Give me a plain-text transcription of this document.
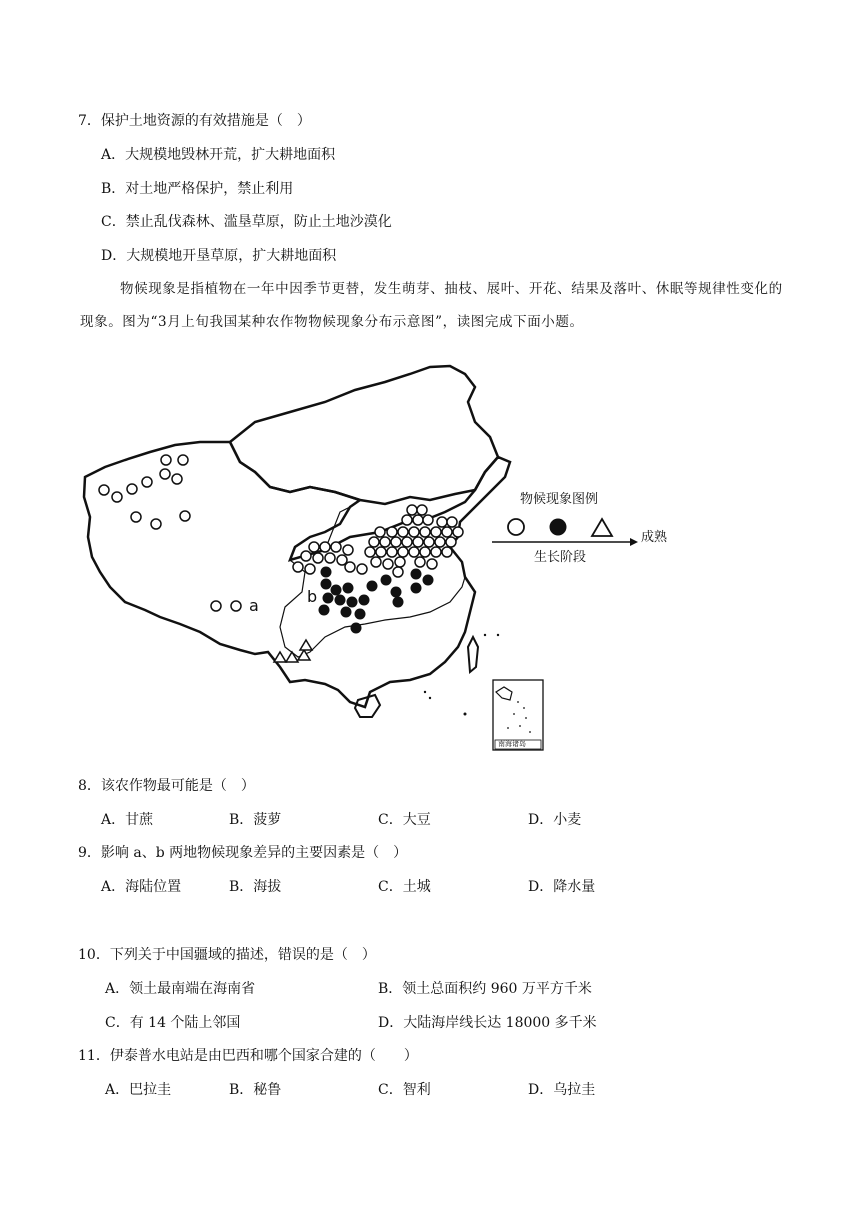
7．保护土地资源的有效措施是（　）
A．大规模地毁林开荒，扩大耕地面积
B．对土地严格保护，禁止利用
C．禁止乱伐森林、滥垦草原，防止土地沙漠化
D．大规模地开垦草原，扩大耕地面积
物候现象是指植物在一年中因季节更替，发生萌芽、抽枝、展叶、开花、结果及落叶、休眠等规律性变化的现象。图为“3月上旬我国某种农作物物候现象分布示意图”，读图完成下面小题。
物候现象图例
成熟
生长阶段
a	b
南海诸岛
8．该农作物最可能是（　）
A．甘蔗	B．菠萝	C．大豆	D．小麦
9．影响 a、b 两地物候现象差异的主要因素是（　）
A．海陆位置	B．海拔	C．土城	D．降水量
10．下列关于中国疆域的描述，错误的是（　）
A．领土最南端在海南省	B．领土总面积约 960 万平方千米
C．有 14 个陆上邻国	D．大陆海岸线长达 18000 多千米
11．伊泰普水电站是由巴西和哪个国家合建的（　　）
A．巴拉圭	B．秘鲁	C．智利	D．乌拉圭
